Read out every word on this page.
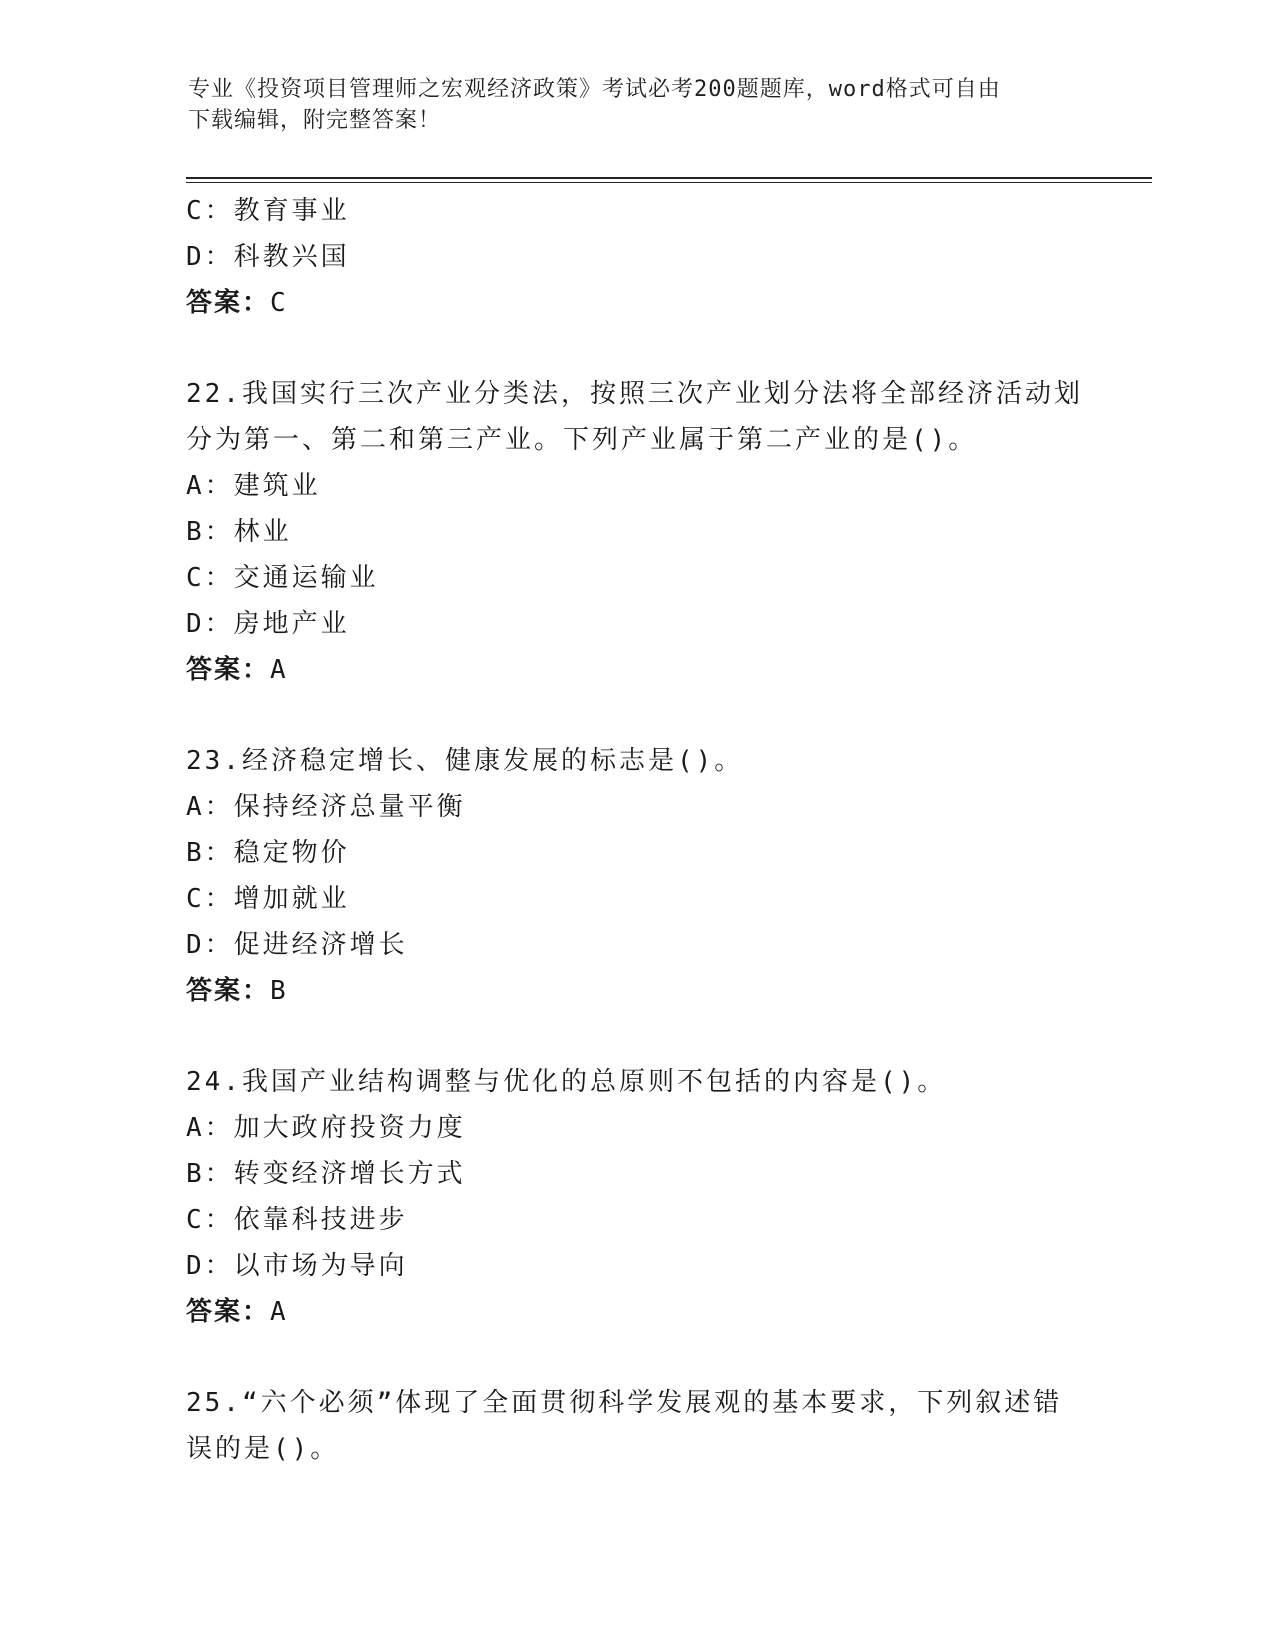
专业《投资项目管理师之宏观经济政策》考试必考200题题库，word格式可自由
下载编辑，附完整答案！
C：教育事业
D：科教兴国
答案：C
22.我国实行三次产业分类法，按照三次产业划分法将全部经济活动划
分为第一、第二和第三产业。下列产业属于第二产业的是()。
A：建筑业
B：林业
C：交通运输业
D：房地产业
答案：A
23.经济稳定增长、健康发展的标志是()。
A：保持经济总量平衡
B：稳定物价
C：增加就业
D：促进经济增长
答案：B
24.我国产业结构调整与优化的总原则不包括的内容是()。
A：加大政府投资力度
B：转变经济增长方式
C：依靠科技进步
D：以市场为导向
答案：A
25.“六个必须”体现了全面贯彻科学发展观的基本要求，下列叙述错
误的是()。
